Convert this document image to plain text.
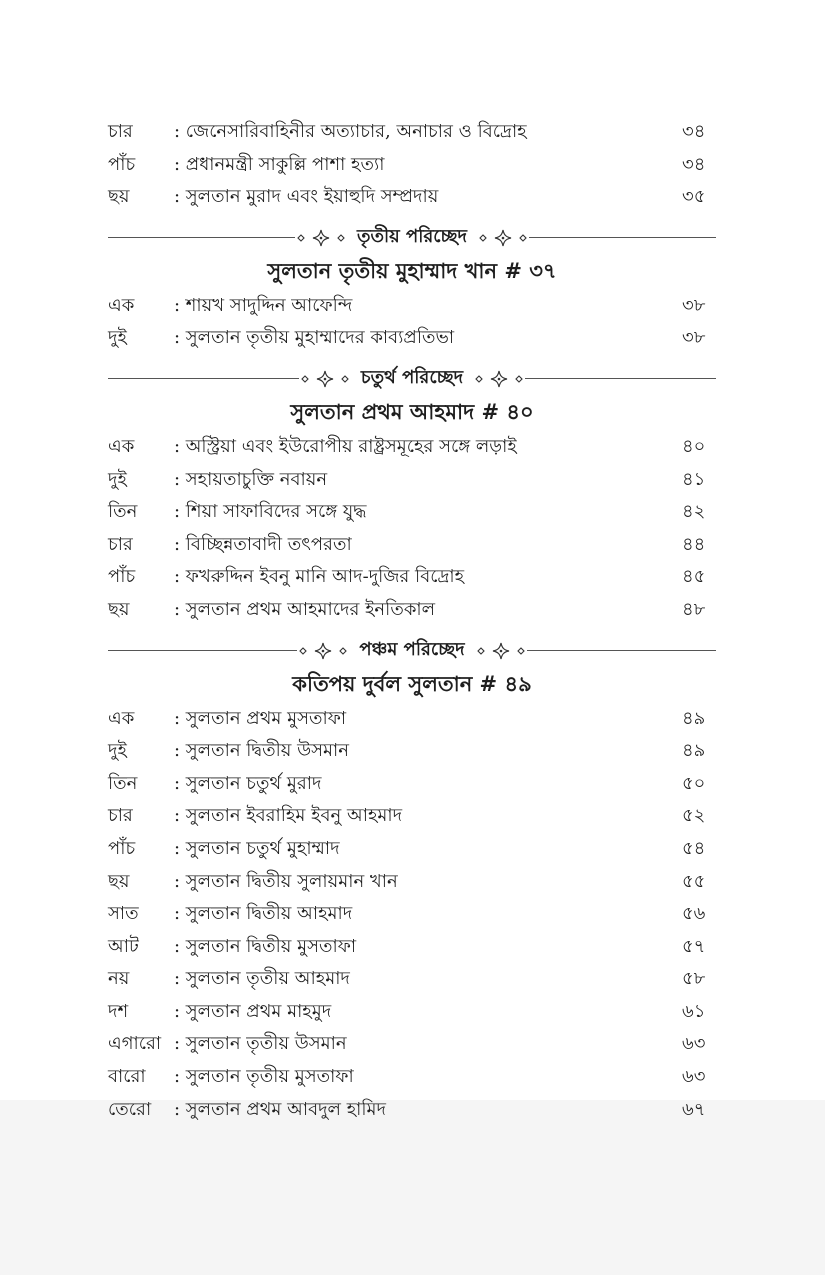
চার	: জেনেসারিবাহিনীর অত্যাচার, অনাচার ও বিদ্রোহ	৩৪
পাঁচ	: প্রধানমন্ত্রী সাকুল্লি পাশা হত্যা	৩৪
ছয়	: সুলতান মুরাদ এবং ইয়াহুদি সম্প্রদায়	৩৫
তৃতীয় পরিচ্ছেদ
সুলতান তৃতীয় মুহাম্মাদ খান # ৩৭
এক	: শায়খ সাদুদ্দিন আফেন্দি	৩৮
দুই	: সুলতান তৃতীয় মুহাম্মাদের কাব্যপ্রতিভা	৩৮
চতুর্থ পরিচ্ছেদ
সুলতান প্রথম আহমাদ # ৪০
এক	: অস্ট্রিয়া এবং ইউরোপীয় রাষ্ট্রসমূহের সঙ্গে লড়াই	৪০
দুই	: সহায়তাচুক্তি নবায়ন	৪১
তিন	: শিয়া সাফাবিদের সঙ্গে যুদ্ধ	৪২
চার	: বিচ্ছিন্নতাবাদী তৎপরতা	৪৪
পাঁচ	: ফখরুদ্দিন ইবনু মানি আদ-দুজির বিদ্রোহ	৪৫
ছয়	: সুলতান প্রথম আহমাদের ইনতিকাল	৪৮
পঞ্চম পরিচ্ছেদ
কতিপয় দুর্বল সুলতান # ৪৯
এক	: সুলতান প্রথম মুসতাফা	৪৯
দুই	: সুলতান দ্বিতীয় উসমান	৪৯
তিন	: সুলতান চতুর্থ মুরাদ	৫০
চার	: সুলতান ইবরাহিম ইবনু আহমাদ	৫২
পাঁচ	: সুলতান চতুর্থ মুহাম্মাদ	৫৪
ছয়	: সুলতান দ্বিতীয় সুলায়মান খান	৫৫
সাত	: সুলতান দ্বিতীয় আহমাদ	৫৬
আট	: সুলতান দ্বিতীয় মুসতাফা	৫৭
নয়	: সুলতান তৃতীয় আহমাদ	৫৮
দশ	: সুলতান প্রথম মাহমুদ	৬১
এগারো : সুলতান তৃতীয় উসমান	৬৩
বারো	: সুলতান তৃতীয় মুসতাফা	৬৩
তেরো	: সুলতান প্রথম আবদুল হামিদ	৬৭
